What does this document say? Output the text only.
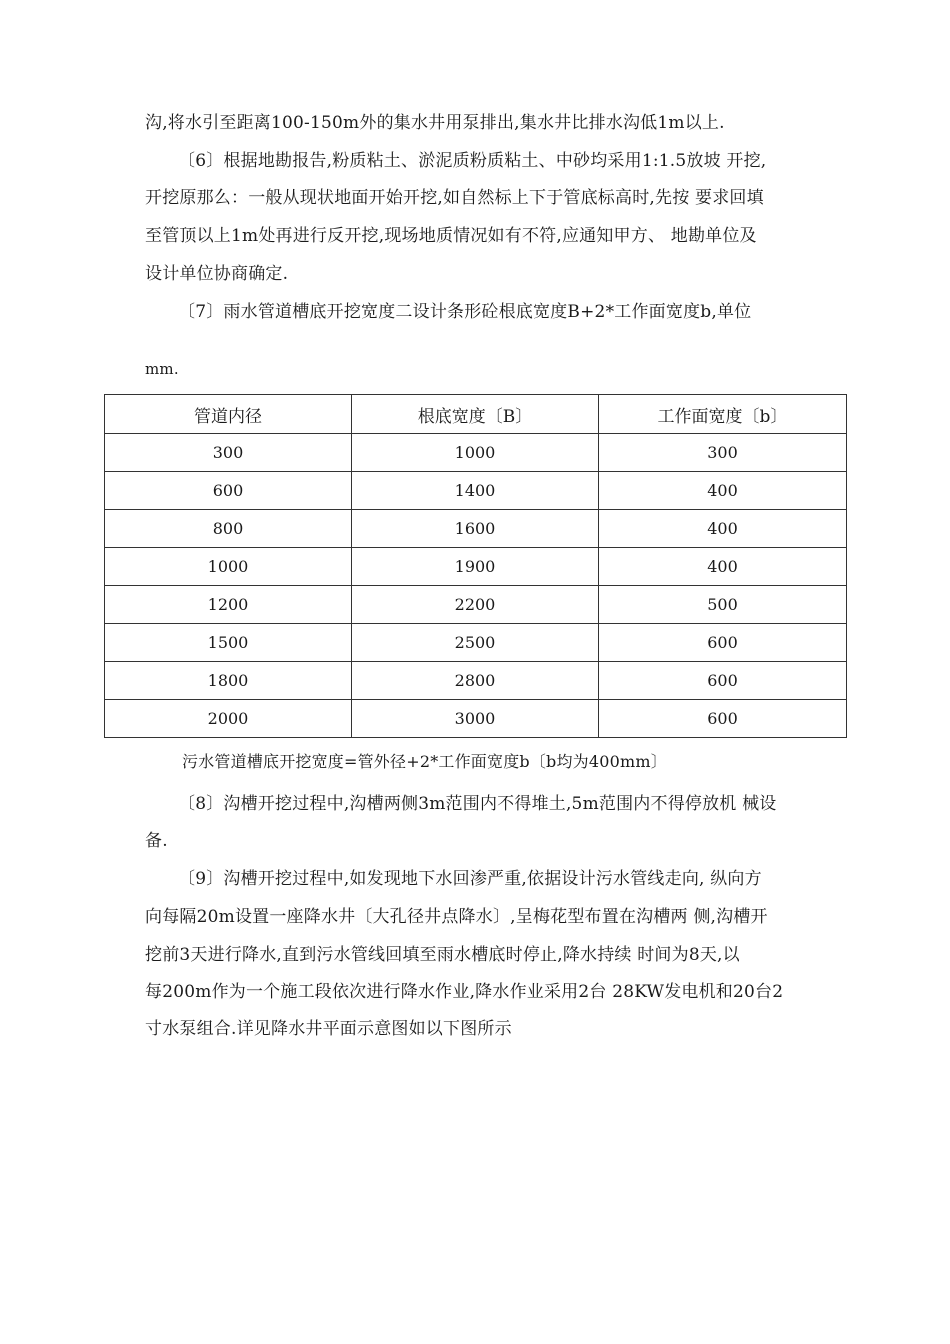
沟,将水引至距离100-150m外的集水井用泵排出,集水井比排水沟低1m以上.
〔6〕根据地勘报告,粉质粘土、淤泥质粉质粘土、中砂均采用1:1.5放坡 开挖,
开挖原那么：一般从现状地面开始开挖,如自然标上下于管底标高时,先按 要求回填
至管顶以上1m处再进行反开挖,现场地质情况如有不符,应通知甲方、 地勘单位及
设计单位协商确定.
〔7〕雨水管道槽底开挖宽度二设计条形砼根底宽度B+2*工作面宽度b,单位
mm.
管道内径	根底宽度〔B〕	工作面宽度〔b〕
300	1000	300
600	1400	400
800	1600	400
1000	1900	400
1200	2200	500
1500	2500	600
1800	2800	600
2000	3000	600
污水管道槽底开挖宽度=管外径+2*工作面宽度b〔b均为400mm〕
〔8〕沟槽开挖过程中,沟槽两侧3m范围内不得堆土,5m范围内不得停放机 械设
备.
〔9〕沟槽开挖过程中,如发现地下水回渗严重,依据设计污水管线走向, 纵向方
向每隔20m设置一座降水井〔大孔径井点降水〕,呈梅花型布置在沟槽两 侧,沟槽开
挖前3天进行降水,直到污水管线回填至雨水槽底时停止,降水持续 时间为8天,以
每200m作为一个施工段依次进行降水作业,降水作业采用2台 28KW发电机和20台2
寸水泵组合.详见降水井平面示意图如以下图所示
